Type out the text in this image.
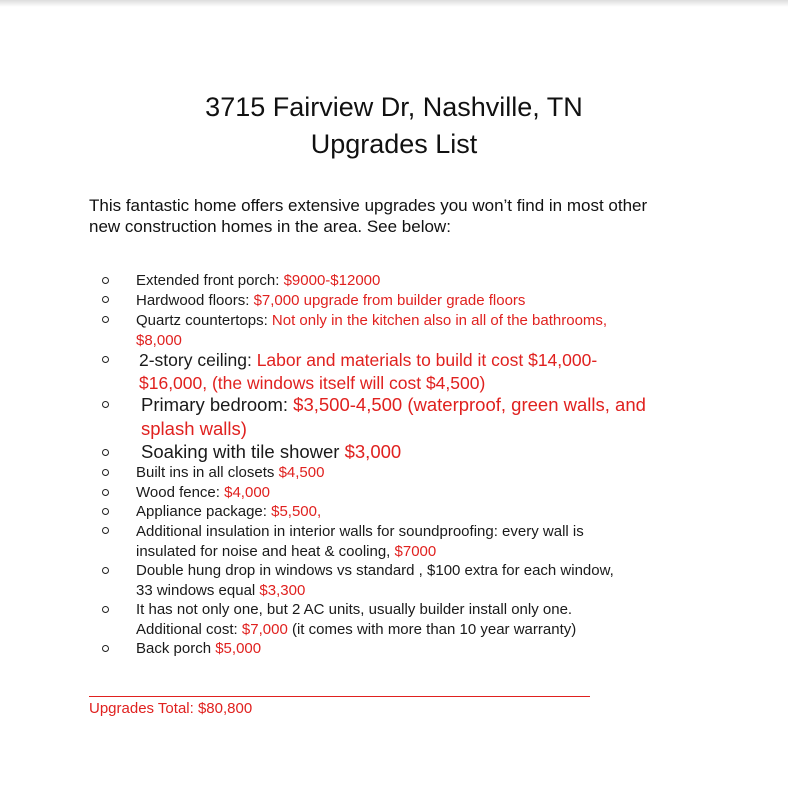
3715 Fairview Dr, Nashville, TN
Upgrades List

This fantastic home offers extensive upgrades you won’t find in most other
new construction homes in the area. See below:

Extended front porch: $9000-$12000
Hardwood floors: $7,000 upgrade from builder grade floors
Quartz countertops: Not only in the kitchen also in all of the bathrooms,
$8,000
2-story ceiling: Labor and materials to build it cost $14,000-
$16,000, (the windows itself will cost $4,500)
Primary bedroom: $3,500-4,500 (waterproof, green walls, and
splash walls)
Soaking with tile shower $3,000
Built ins in all closets $4,500
Wood fence: $4,000
Appliance package: $5,500,
Additional insulation in interior walls for soundproofing: every wall is
insulated for noise and heat & cooling, $7000
Double hung drop in windows vs standard , $100 extra for each window,
33 windows equal $3,300
It has not only one, but 2 AC units, usually builder install only one.
Additional cost: $7,000 (it comes with more than 10 year warranty)
Back porch $5,000

Upgrades Total: $80,800
